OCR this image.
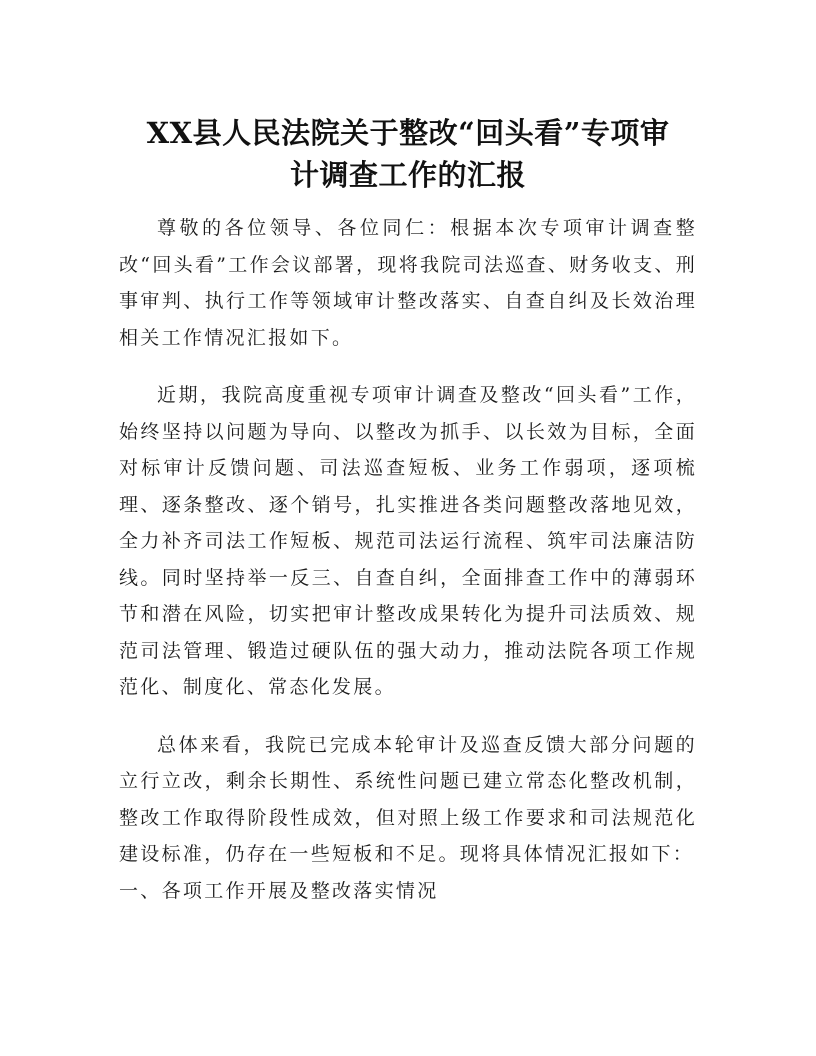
XX县人民法院关于整改“回头看”专项审
计调查工作的汇报

尊敬的各位领导、各位同仁：根据本次专项审计调查整改“回头看”工作会议部署，现将我院司法巡查、财务收支、刑事审判、执行工作等领域审计整改落实、自查自纠及长效治理相关工作情况汇报如下。

近期，我院高度重视专项审计调查及整改“回头看”工作，始终坚持以问题为导向、以整改为抓手、以长效为目标，全面对标审计反馈问题、司法巡查短板、业务工作弱项，逐项梳理、逐条整改、逐个销号，扎实推进各类问题整改落地见效，全力补齐司法工作短板、规范司法运行流程、筑牢司法廉洁防线。同时坚持举一反三、自查自纠，全面排查工作中的薄弱环节和潜在风险，切实把审计整改成果转化为提升司法质效、规范司法管理、锻造过硬队伍的强大动力，推动法院各项工作规范化、制度化、常态化发展。

总体来看，我院已完成本轮审计及巡查反馈大部分问题的立行立改，剩余长期性、系统性问题已建立常态化整改机制，整改工作取得阶段性成效，但对照上级工作要求和司法规范化建设标准，仍存在一些短板和不足。现将具体情况汇报如下：

一、各项工作开展及整改落实情况
